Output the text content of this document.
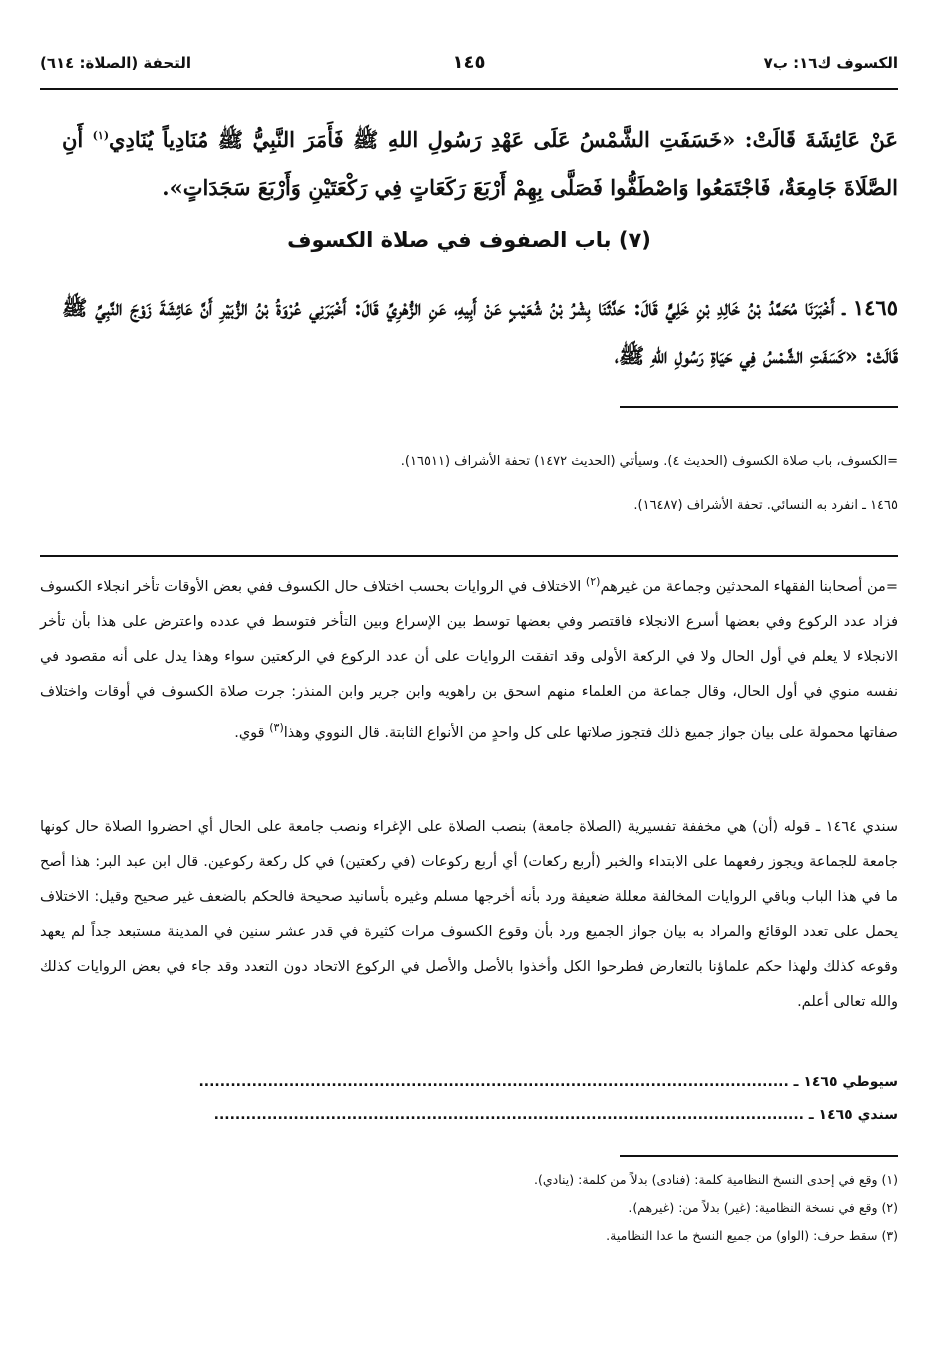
الكسوف ك١٦: ب٧
١٤٥
التحفة (الصلاة: ٦١٤)
عَنْ عَائِشَةَ قَالَتْ: «خَسَفَتِ الشَّمْسُ عَلَى عَهْدِ رَسُولِ اللهِ ﷺ فَأَمَرَ النَّبِيُّ ﷺ مُنَادِياً يُنَادِي$^{(١)}$ أَنِ الصَّلَاةَ جَامِعَةٌ، فَاجْتَمَعُوا وَاصْطَفُّوا فَصَلَّى بِهِمْ أَرْبَعَ رَكَعَاتٍ فِي رَكْعَتَيْنِ وَأَرْبَعَ سَجَدَاتٍ».
(٧) باب الصفوف في صلاة الكسوف
١٤٦٥ ـ أَخْبَرَنَا مُحَمَّدُ بْنُ خَالِدِ بْنِ خَلِيٍّ قَالَ: حَدَّثَنَا بِشْرُ بْنُ شُعَيْبٍ عَنْ أَبِيهِ، عَنِ الزُّهْرِيِّ قَالَ: أَخْبَرَنِي عُرْوَةُ بْنُ الزُّبَيْرِ أَنَّ عَائِشَةَ زَوْجَ النَّبِيِّ ﷺ قَالَتْ: «كَسَفَتِ الشَّمْسُ فِي حَيَاةِ رَسُولِ اللهِ ﷺ،
=الكسوف، باب صلاة الكسوف (الحديث ٤). وسيأتي (الحديث ١٤٧٢) تحفة الأشراف (١٦٥١١).
١٤٦٥ ـ انفرد به النسائي. تحفة الأشراف (١٦٤٨٧).
=من أصحابنا الفقهاء المحدثين وجماعة من غيرهم$^{(٢)}$ الاختلاف في الروايات بحسب اختلاف حال الكسوف ففي بعض الأوقات تأخر انجلاء الكسوف فزاد عدد الركوع وفي بعضها أسرع الانجلاء فاقتصر وفي بعضها توسط بين الإسراع وبين التأخر فتوسط في عدده واعترض على هذا بأن تأخر الانجلاء لا يعلم في أول الحال ولا في الركعة الأولى وقد اتفقت الروايات على أن عدد الركوع في الركعتين سواء وهذا يدل على أنه مقصود في نفسه منوي في أول الحال، وقال جماعة من العلماء منهم اسحق بن راهويه وابن جرير وابن المنذر: جرت صلاة الكسوف في أوقات واختلاف صفاتها محمولة على بيان جواز جميع ذلك فتجوز صلاتها على كل واحدٍ من الأنواع الثابتة. قال النووي وهذا$^{(٣)}$ قوي.
سندي ١٤٦٤ ـ قوله (أن) هي مخففة تفسيرية (الصلاة جامعة) بنصب الصلاة على الإغراء ونصب جامعة على الحال أي احضروا الصلاة حال كونها جامعة للجماعة ويجوز رفعهما على الابتداء والخبر (أربع ركعات) أي أربع ركوعات (في ركعتين) في كل ركعة ركوعين. قال ابن عبد البر: هذا أصح ما في هذا الباب وباقي الروايات المخالفة معللة ضعيفة ورد بأنه أخرجها مسلم وغيره بأسانيد صحيحة فالحكم بالضعف غير صحيح وقيل: الاختلاف يحمل على تعدد الوقائع والمراد به بيان جواز الجميع ورد بأن وقوع الكسوف مرات كثيرة في قدر عشر سنين في المدينة مستبعد جداً لم يعهد وقوعه كذلك ولهذا حكم علماؤنا بالتعارض فطرحوا الكل وأخذوا بالأصل والأصل في الركوع الاتحاد دون التعدد وقد جاء في بعض الروايات كذلك والله تعالى أعلم.
سيوطي ١٤٦٥ ـ ...............................................................................................................
سندي ١٤٦٥ ـ ...............................................................................................................
(١) وقع في إحدى النسخ النظامية كلمة: (فنادى) بدلاً من كلمة: (ينادي).
(٢) وقع في نسخة النظامية: (غير) بدلاً من: (غيرهم).
(٣) سقط حرف: (الواو) من جميع النسخ ما عدا النظامية.
